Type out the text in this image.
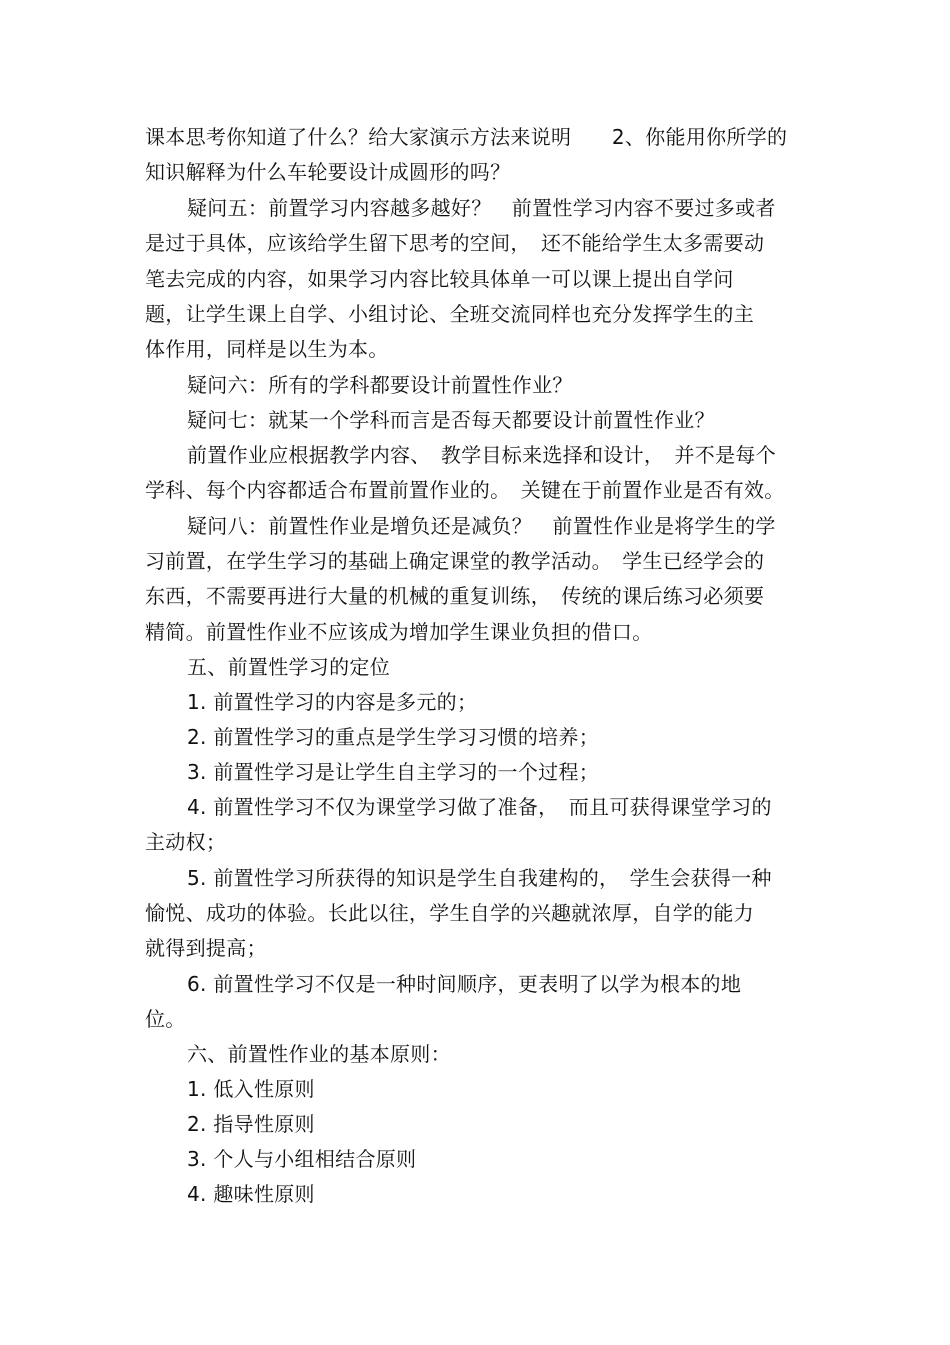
课本思考你知道了什么？给大家演示方法来说明　　2、你能用你所学的
知识解释为什么车轮要设计成圆形的吗？
疑问五：前置学习内容越多越好？　前置性学习内容不要过多或者
是过于具体，应该给学生留下思考的空间，　还不能给学生太多需要动
笔去完成的内容，如果学习内容比较具体单一可以课上提出自学问
题，让学生课上自学、小组讨论、全班交流同样也充分发挥学生的主
体作用，同样是以生为本。
疑问六：所有的学科都要设计前置性作业？
疑问七：就某一个学科而言是否每天都要设计前置性作业？
前置作业应根据教学内容、　教学目标来选择和设计，　并不是每个
学科、每个内容都适合布置前置作业的。　关键在于前置作业是否有效。
疑问八：前置性作业是增负还是减负？　前置性作业是将学生的学
习前置，在学生学习的基础上确定课堂的教学活动。　学生已经学会的
东西，不需要再进行大量的机械的重复训练，　传统的课后练习必须要
精简。前置性作业不应该成为增加学生课业负担的借口。
五、前置性学习的定位
1. 前置性学习的内容是多元的；
2. 前置性学习的重点是学生学习习惯的培养；
3. 前置性学习是让学生自主学习的一个过程；
4. 前置性学习不仅为课堂学习做了准备，　而且可获得课堂学习的
主动权；
5. 前置性学习所获得的知识是学生自我建构的，　学生会获得一种
愉悦、成功的体验。长此以往，学生自学的兴趣就浓厚，自学的能力
就得到提高；
6. 前置性学习不仅是一种时间顺序，更表明了以学为根本的地
位。
六、前置性作业的基本原则：
1. 低入性原则
2. 指导性原则
3. 个人与小组相结合原则
4. 趣味性原则
